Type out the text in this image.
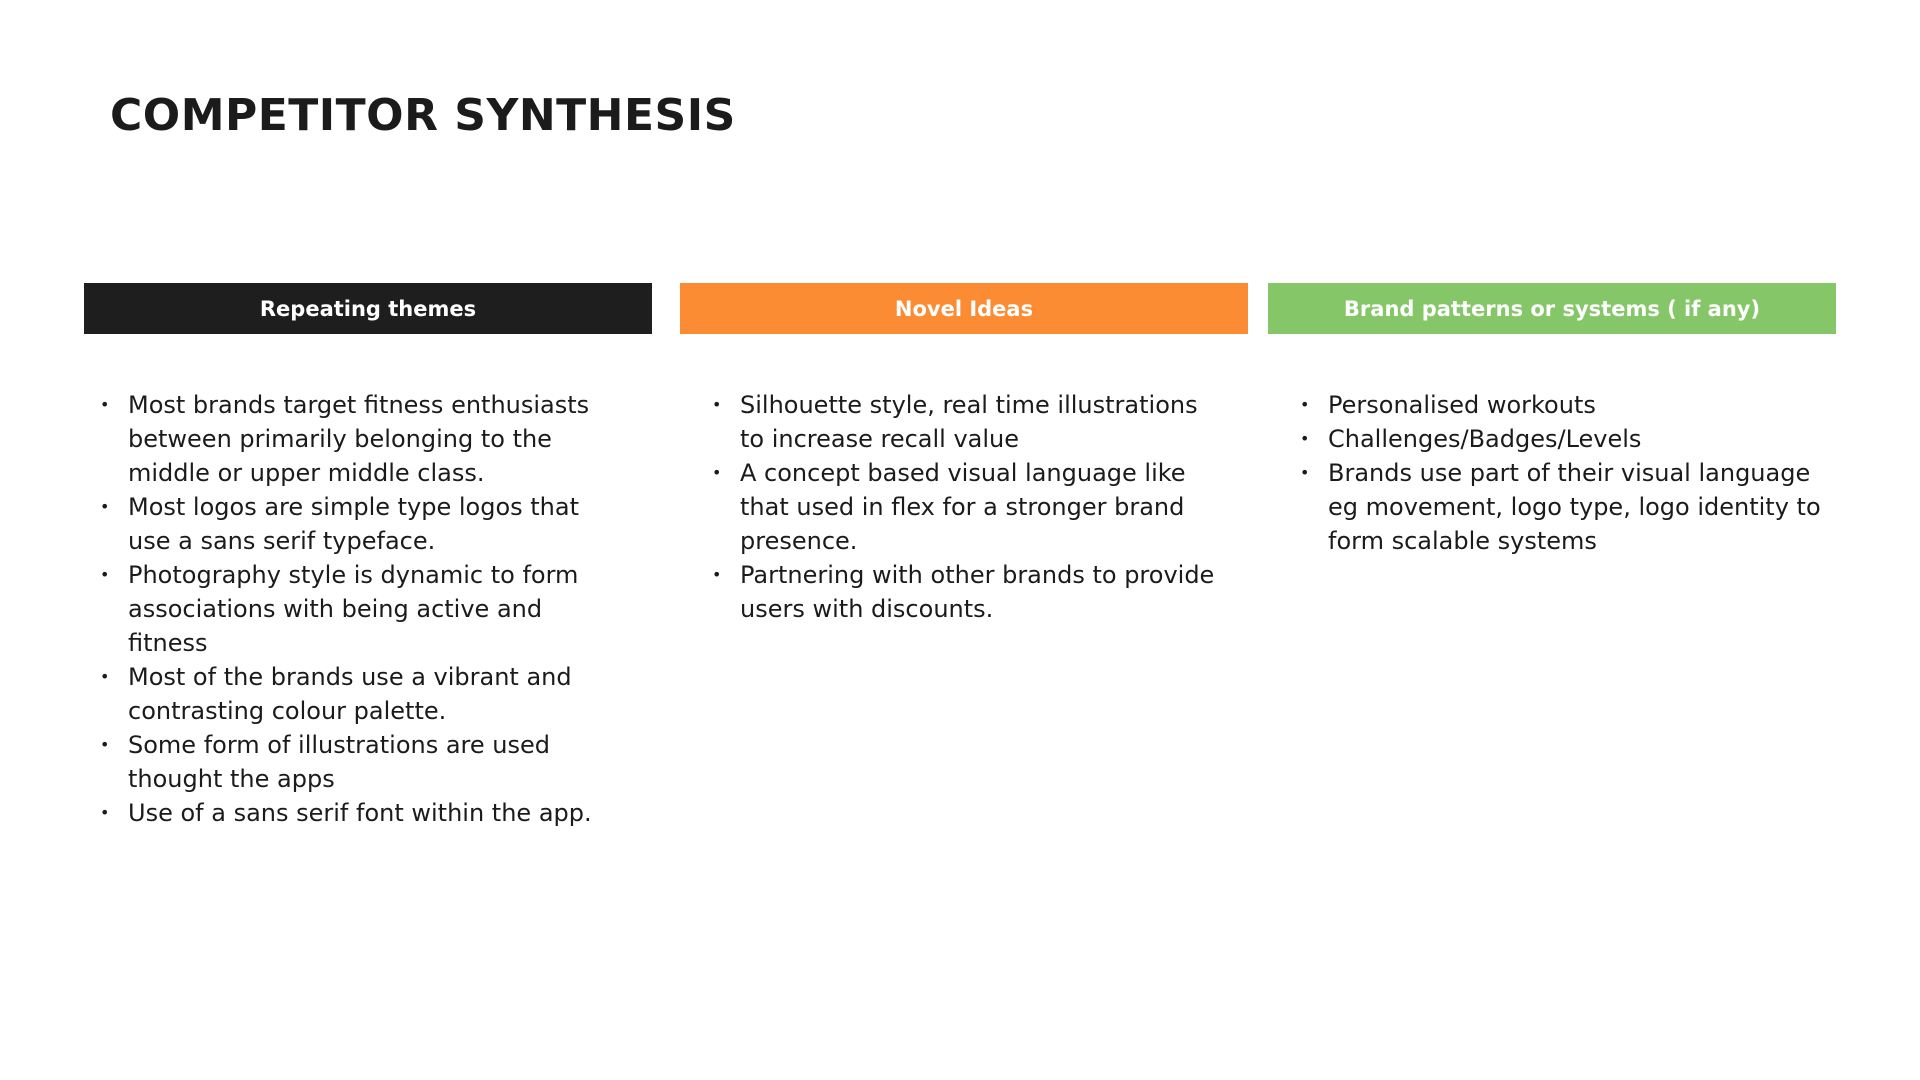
COMPETITOR SYNTHESIS
Repeating themes
• Most brands target fitness enthusiasts between primarily belonging to the middle or upper middle class.
• Most logos are simple type logos that use a sans serif typeface.
• Photography style is dynamic to form associations with being active and fitness
• Most of the brands use a vibrant and contrasting colour palette.
• Some form of illustrations are used thought the apps
• Use of a sans serif font within the app.
Novel Ideas
• Silhouette style, real time illustrations to increase recall value
• A concept based visual language like that used in flex for a stronger brand presence.
• Partnering with other brands to provide users with discounts.
Brand patterns or systems ( if any)
• Personalised workouts
• Challenges/Badges/Levels
• Brands use part of their visual language eg movement, logo type, logo identity to form scalable systems
